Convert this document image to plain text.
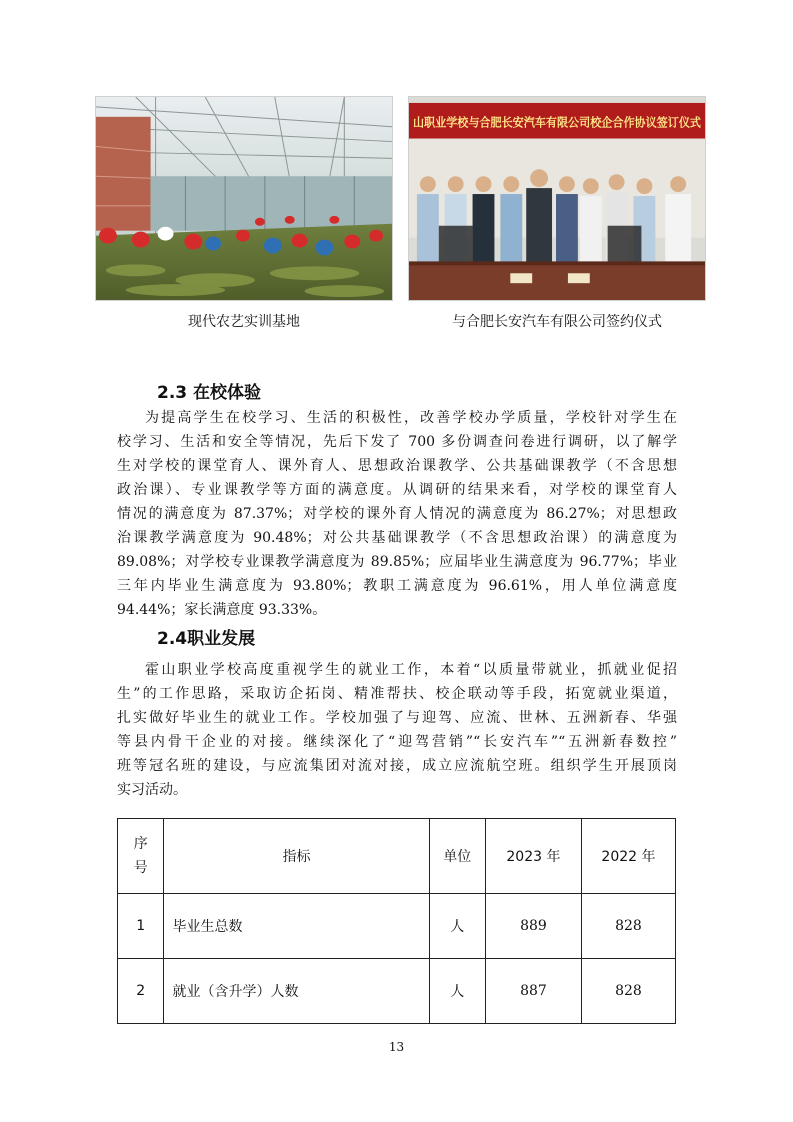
山职业学校与合肥长安汽车有限公司校企合作协议签订仪式
现代农艺实训基地	与合肥长安汽车有限公司签约仪式
2.3 在校体验
为提高学生在校学习、生活的积极性，改善学校办学质量，学校针对学生在
校学习、生活和安全等情况，先后下发了 700 多份调查问卷进行调研，以了解学
生对学校的课堂育人、课外育人、思想政治课教学、公共基础课教学（不含思想
政治课）、专业课教学等方面的满意度。从调研的结果来看，对学校的课堂育人
情况的满意度为 87.37%；对学校的课外育人情况的满意度为 86.27%；对思想政
治课教学满意度为 90.48%；对公共基础课教学（不含思想政治课）的满意度为
89.08%；对学校专业课教学满意度为 89.85%；应届毕业生满意度为 96.77%；毕业
三年内毕业生满意度为 93.80%；教职工满意度为 96.61%，用人单位满意度
94.44%；家长满意度 93.33%。
2.4职业发展
霍山职业学校高度重视学生的就业工作，本着“以质量带就业，抓就业促招
生”的工作思路，采取访企拓岗、精准帮扶、校企联动等手段，拓宽就业渠道，
扎实做好毕业生的就业工作。学校加强了与迎驾、应流、世林、五洲新春、华强
等县内骨干企业的对接。继续深化了“迎驾营销”“长安汽车”“五洲新春数控”
班等冠名班的建设，与应流集团对流对接，成立应流航空班。组织学生开展顶岗
实习活动。
序
号	指标	单位	2023 年	2022 年
1	毕业生总数	人	889	828
2	就业（含升学）人数	人	887	828
13
